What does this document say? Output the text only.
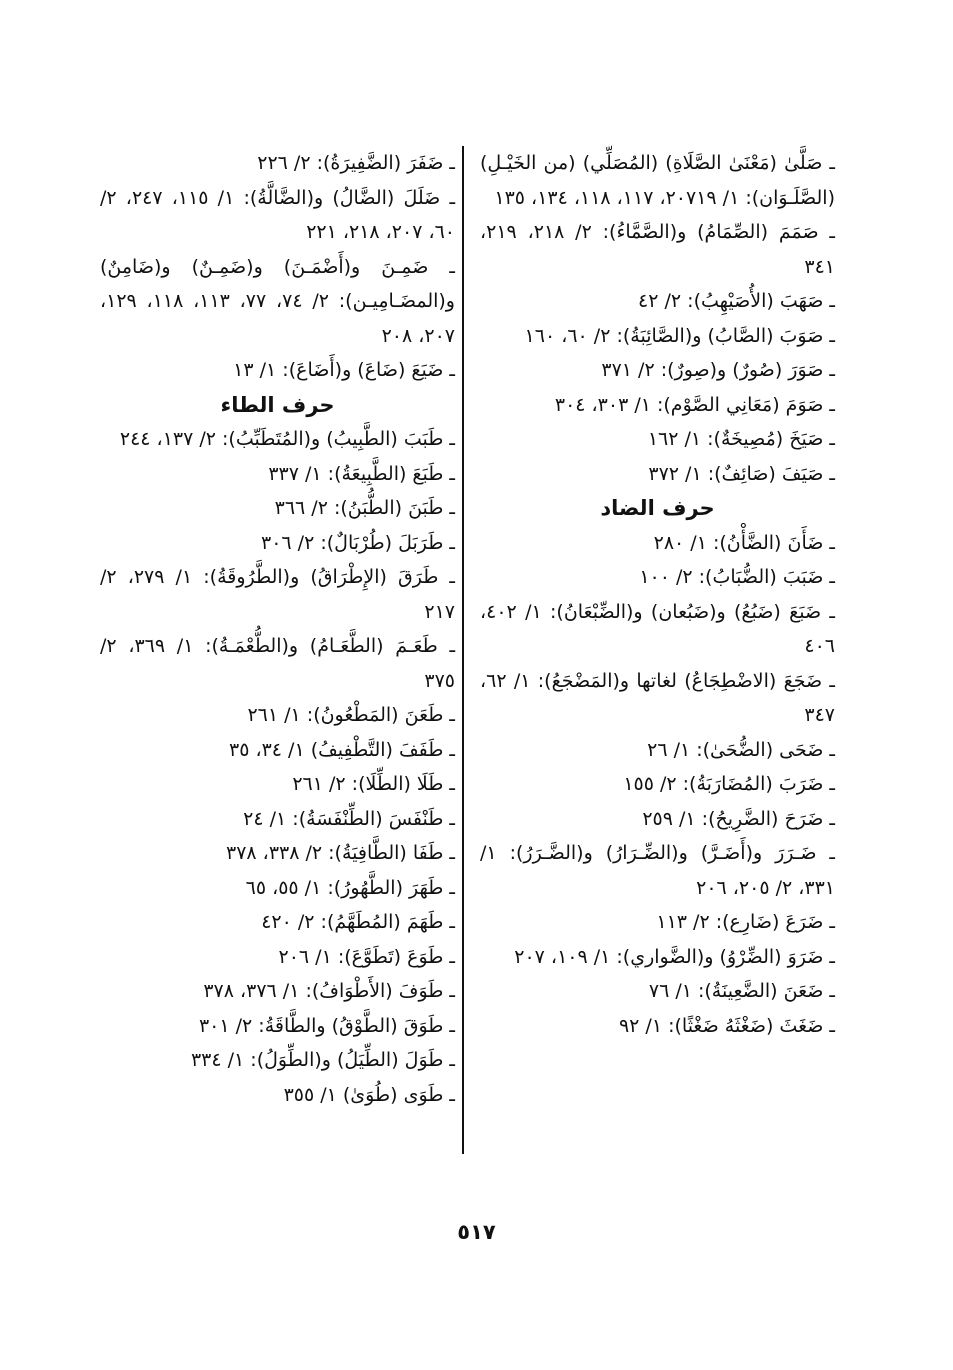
ـ صَلَّىٰ (مَعْنَىٰ الصَّلَاةِ) (المُصَلِّي) (من الخَيْـلِ) (الصَّلَـوَان): ١/ ٢٠٧١٩، ١١٧، ١١٨، ١٣٤، ١٣٥
ـ صَمَمَ (الصِّمَامُ) و(الصَّمَّاءُ): ٢/ ٢١٨، ٢١٩، ٣٤١
ـ صَهَبَ (الأُصَيْهِبُ): ٢/ ٤٢
ـ صَوَبَ (الصَّابُ) و(الصَّائِبَةُ): ٢/ ٦٠، ١٦٠
ـ صَوَرَ (صُورٌ) و(صِورٌ): ٢/ ٣٧١
ـ صَوَمَ (مَعَانِي الصَّوْم): ١/ ٣٠٣، ٣٠٤
ـ صَيَخَ (مُصِيخَةٌ): ١/ ١٦٢
ـ صَيَفَ (صَائِفٌ): ١/ ٣٧٢
حرف الضاد
ـ ضَأَنَ (الضَّأْنُ): ١/ ٢٨٠
ـ ضَبَبَ (الضُّبَابُ): ٢/ ١٠٠
ـ ضَبَعَ (ضَبُعُ) و(ضَبُعان) و(الضِّبْعَانُ): ١/ ٤٠٢، ٤٠٦
ـ ضَجَعَ (الاضْطِجَاعُ) لغاتها و(المَضْجَعُ): ١/ ٦٢، ٣٤٧
ـ ضَحَى (الضُّحَىٰ): ١/ ٢٦
ـ ضَرَبَ (المُضَارَبَةُ): ٢/ ١٥٥
ـ ضَرَحَ (الضَّرِيحُ): ١/ ٢٥٩
ـ ضَـرَرَ و(أَضَـرَّ) و(الضِّـرَارُ) و(الضَّـرَرُ): ١/ ٣٣١، ٢/ ٢٠٥، ٢٠٦
ـ ضَرَعَ (ضَارِع): ٢/ ١١٣
ـ ضَرَوَ (الضِّرْوُ) و(الضَّواري): ١/ ١٠٩، ٢٠٧
ـ ضَعَنَ (الضَّعِينَةُ): ١/ ٧٦
ـ ضَغَثَ (ضَغْثَهُ ضَغْثًا): ١/ ٩٢
ـ ضَفَرَ (الضَّفِيرَةُ): ٢/ ٢٢٦
ـ ضَلَلَ (الضَّالُ) و(الضَّالَّةُ): ١/ ١١٥، ٢٤٧، ٢/ ٦٠، ٢٠٧، ٢١٨، ٢٢١
ـ ضَمِـنَ و(أَضْمَـنَ) و(ضَمِـنٌ) و(ضَامِنٌ) و(المضَـامِيـن): ٢/ ٧٤، ٧٧، ١١٣، ١١٨، ١٢٩، ٢٠٧، ٢٠٨
ـ ضَيَعَ (ضَاعَ) و(أَضَاعَ): ١/ ١٣
حرف الطاء
ـ طَبَبَ (الطَّبِيبُ) و(المُتَطَبِّبُ): ٢/ ١٣٧، ٢٤٤
ـ طَبَعَ (الطَّبِيعَةُ): ١/ ٣٣٧
ـ طَبَنَ (الطُّبَنُ): ٢/ ٣٦٦
ـ طَرَبَلَ (طُرْبَالٌ): ٢/ ٣٠٦
ـ طَرَقَ (الإِطْرَاقُ) و(الطَّرُوقَةُ): ١/ ٢٧٩، ٢/ ٢١٧
ـ طَعَـمَ (الطَّعَـامُ) و(الطُّعْمَـةُ): ١/ ٣٦٩، ٢/ ٣٧٥
ـ طَعَنَ (المَطْعُونُ): ١/ ٢٦١
ـ طَفَفَ (التَّطْفِيفُ) ١/ ٣٤، ٣٥
ـ طَلَا (الطِّلَا): ٢/ ٢٦١
ـ طَنْفَسَ (الطِّنْفَسَةُ): ١/ ٢٤
ـ طَفَا (الطَّافِيَةُ): ٢/ ٣٣٨، ٣٧٨
ـ طَهَرَ (الطَّهُورُ): ١/ ٥٥، ٦٥
ـ طَهَمَ (المُطَهَّمُ): ٢/ ٤٢٠
ـ طَوَعَ (تَطَوَّعَ): ١/ ٢٠٦
ـ طَوَفَ (الأَطْوَافُ): ١/ ٣٧٦، ٣٧٨
ـ طَوَقَ (الطَّوْقُ) والطَّاقَةُ: ٢/ ٣٠١
ـ طَوَلَ (الطِّيَلُ) و(الطِّوَلُ): ١/ ٣٣٤
ـ طَوَى (طُوَىٰ) ١/ ٣٥٥
٥١٧
